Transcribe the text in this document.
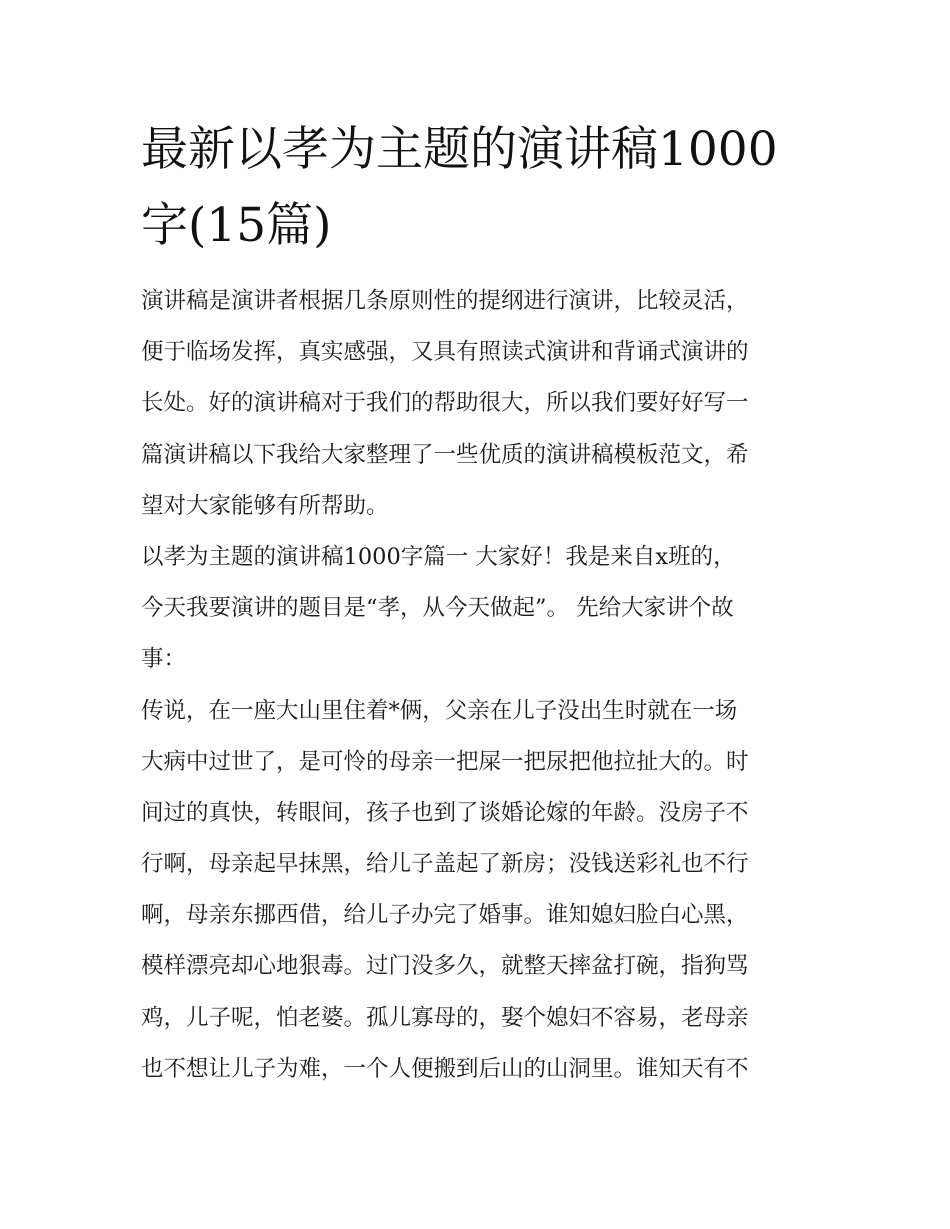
最新以孝为主题的演讲稿1000
字(15篇)
演讲稿是演讲者根据几条原则性的提纲进行演讲，比较灵活，
便于临场发挥，真实感强，又具有照读式演讲和背诵式演讲的
长处。好的演讲稿对于我们的帮助很大，所以我们要好好写一
篇演讲稿以下我给大家整理了一些优质的演讲稿模板范文，希
望对大家能够有所帮助。
以孝为主题的演讲稿1000字篇一 大家好！我是来自x班的，
今天我要演讲的题目是“孝，从今天做起”。 先给大家讲个故
事：
传说，在一座大山里住着*俩，父亲在儿子没出生时就在一场
大病中过世了，是可怜的母亲一把屎一把尿把他拉扯大的。时
间过的真快，转眼间，孩子也到了谈婚论嫁的年龄。没房子不
行啊，母亲起早抹黑，给儿子盖起了新房；没钱送彩礼也不行
啊，母亲东挪西借，给儿子办完了婚事。谁知媳妇脸白心黑，
模样漂亮却心地狠毒。过门没多久，就整天摔盆打碗，指狗骂
鸡，儿子呢，怕老婆。孤儿寡母的，娶个媳妇不容易，老母亲
也不想让儿子为难，一个人便搬到后山的山洞里。谁知天有不
